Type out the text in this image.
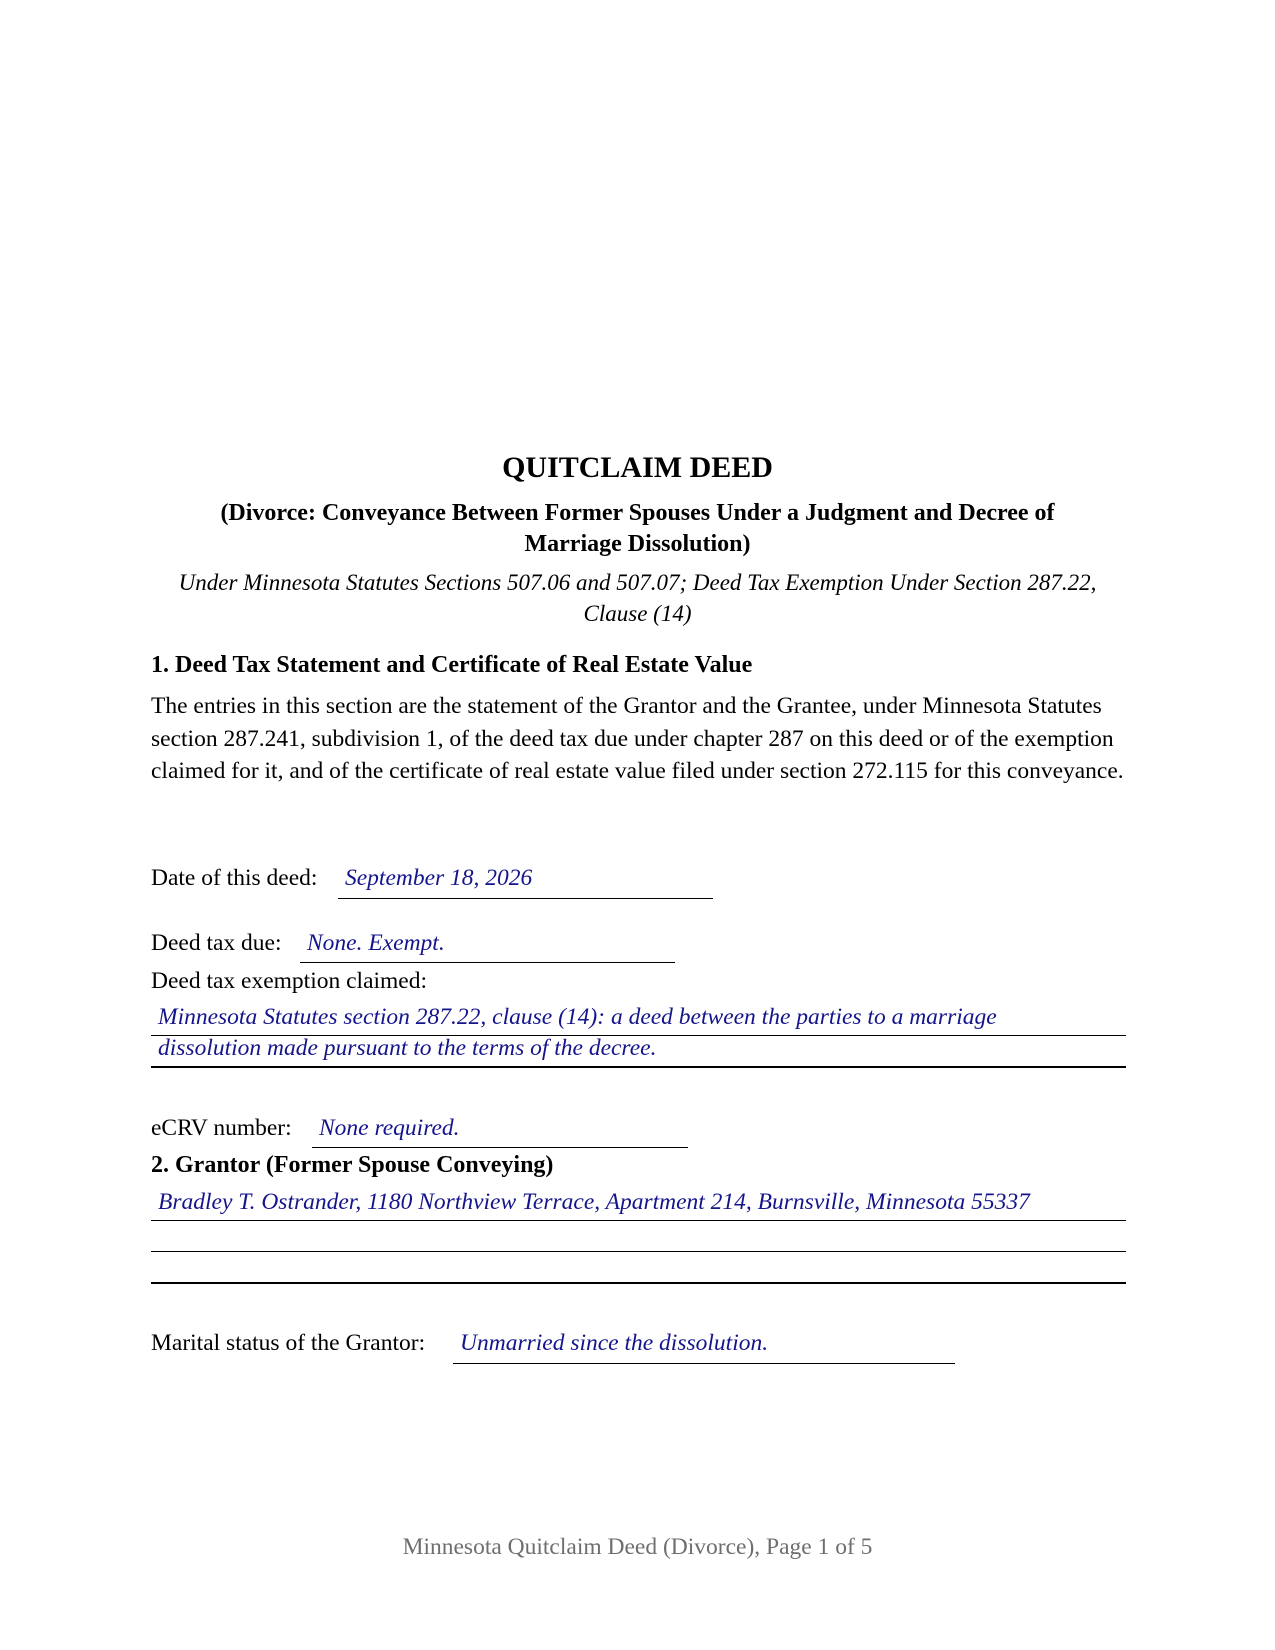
QUITCLAIM DEED
(Divorce: Conveyance Between Former Spouses Under a Judgment and Decree of Marriage Dissolution)
Under Minnesota Statutes Sections 507.06 and 507.07; Deed Tax Exemption Under Section 287.22, Clause (14)
1. Deed Tax Statement and Certificate of Real Estate Value
The entries in this section are the statement of the Grantor and the Grantee, under Minnesota Statutes section 287.241, subdivision 1, of the deed tax due under chapter 287 on this deed or of the exemption claimed for it, and of the certificate of real estate value filed under section 272.115 for this conveyance.
Date of this deed: September 18, 2026
Deed tax due: None. Exempt.
Deed tax exemption claimed:
Minnesota Statutes section 287.22, clause (14): a deed between the parties to a marriage
dissolution made pursuant to the terms of the decree.
eCRV number: None required.
2. Grantor (Former Spouse Conveying)
Bradley T. Ostrander, 1180 Northview Terrace, Apartment 214, Burnsville, Minnesota 55337
Marital status of the Grantor: Unmarried since the dissolution.
Minnesota Quitclaim Deed (Divorce), Page 1 of 5
